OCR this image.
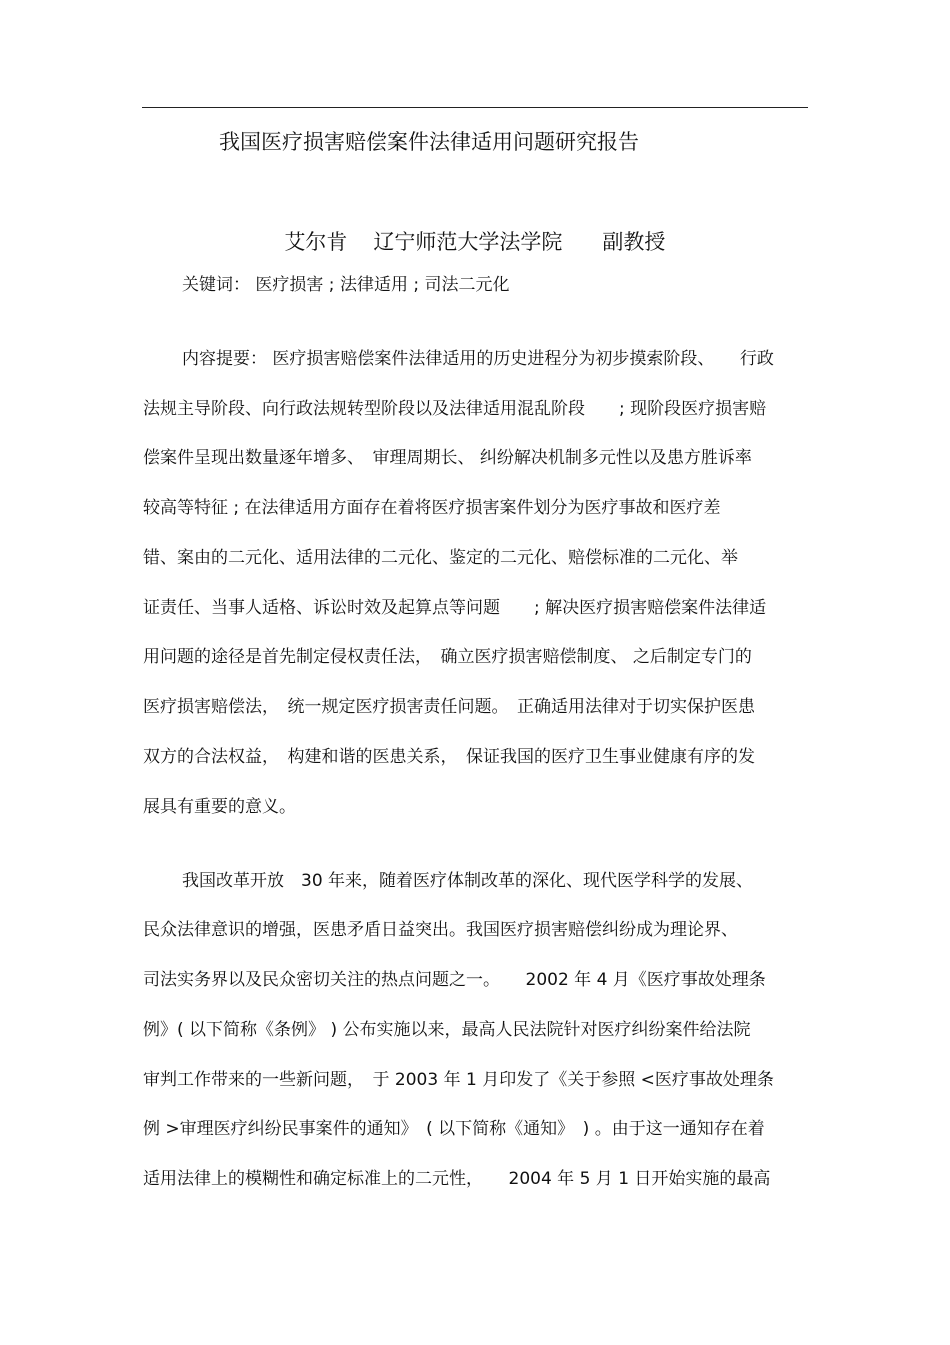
我国医疗损害赔偿案件法律适用问题研究报告

艾尔肯 辽宁师范大学法学院 副教授

关键词： 医疗损害 ; 法律适用 ; 司法二元化
内容提要： 医疗损害赔偿案件法律适用的历史进程分为初步摸索阶段、　　行政
法规主导阶段、向行政法规转型阶段以及法律适用混乱阶段　　; 现阶段医疗损害赔
偿案件呈现出数量逐年增多、　审理周期长、 纠纷解决机制多元性以及患方胜诉率
较高等特征 ; 在法律适用方面存在着将医疗损害案件划分为医疗事故和医疗差
错、案由的二元化、适用法律的二元化、鉴定的二元化、赔偿标准的二元化、举
证责任、当事人适格、诉讼时效及起算点等问题　　; 解决医疗损害赔偿案件法律适
用问题的途径是首先制定侵权责任法，　确立医疗损害赔偿制度、 之后制定专门的
医疗损害赔偿法，　统一规定医疗损害责任问题。　正确适用法律对于切实保护医患
双方的合法权益，　构建和谐的医患关系，　保证我国的医疗卫生事业健康有序的发
展具有重要的意义。
我国改革开放　30 年来，随着医疗体制改革的深化、现代医学科学的发展、
民众法律意识的增强，医患矛盾日益突出。我国医疗损害赔偿纠纷成为理论界、
司法实务界以及民众密切关注的热点问题之一。　　2002 年 4 月《医疗事故处理条
例》( 以下简称《条例》 ) 公布实施以来，最高人民法院针对医疗纠纷案件给法院
审判工作带来的一些新问题，　于 2003 年 1 月印发了《关于参照 <医疗事故处理条
例 >审理医疗纠纷民事案件的通知》　( 以下简称《通知》　) 。由于这一通知存在着
适用法律上的模糊性和确定标准上的二元性，　　2004 年 5 月 1 日开始实施的最高
